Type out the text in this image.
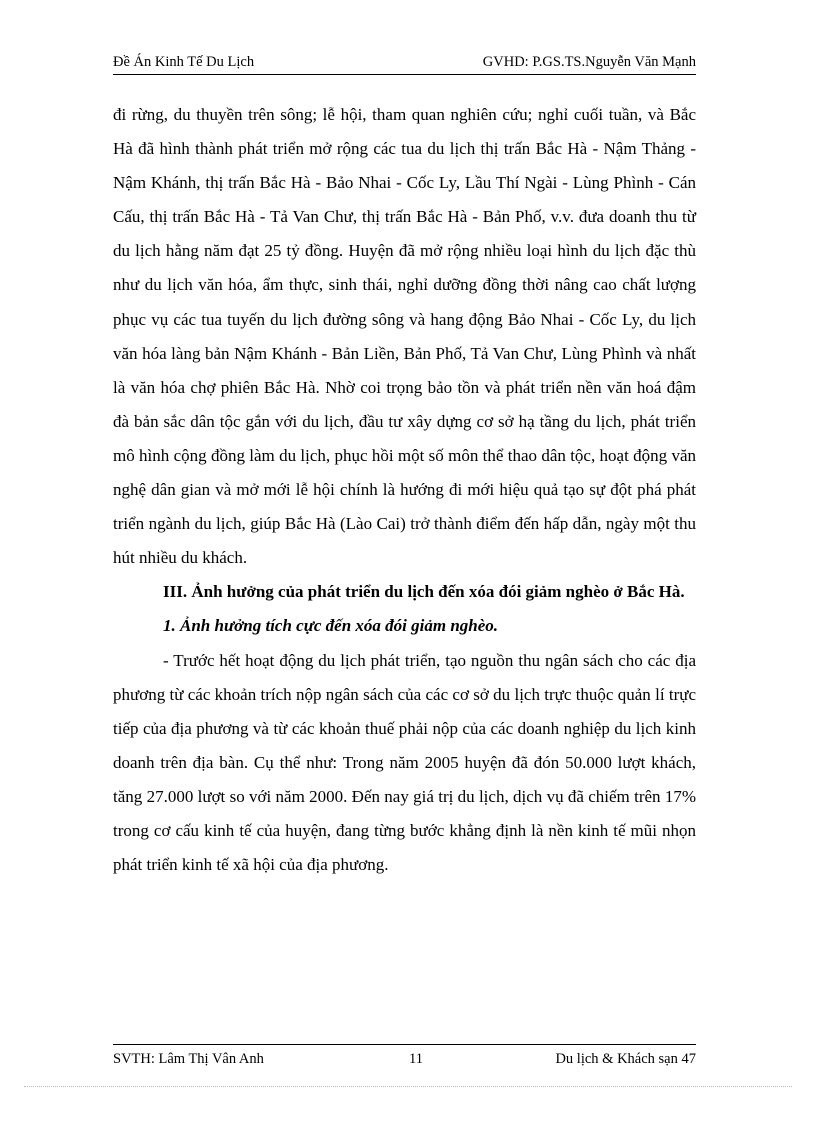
Đề Án Kinh Tế Du Lịch	GVHD: P.GS.TS.Nguyễn Văn Mạnh

đi rừng, du thuyền trên sông; lễ hội, tham quan nghiên cứu; nghỉ cuối tuần, và Bắc Hà đã hình thành phát triển mở rộng các tua du lịch thị trấn Bắc Hà - Nậm Thảng - Nậm Khánh, thị trấn Bắc Hà - Bảo Nhai - Cốc Ly, Lầu Thí Ngài - Lùng Phình - Cán Cấu, thị trấn Bắc Hà - Tả Van Chư, thị trấn Bắc Hà - Bản Phố, v.v. đưa doanh thu từ du lịch hằng năm đạt 25 tỷ đồng. Huyện đã mở rộng nhiều loại hình du lịch đặc thù như du lịch văn hóa, ẩm thực, sinh thái, nghỉ dưỡng đồng thời nâng cao chất lượng phục vụ các tua tuyến du lịch đường sông và hang động Bảo Nhai - Cốc Ly, du lịch văn hóa làng bản Nậm Khánh - Bản Liền, Bản Phố, Tả Van Chư, Lùng Phình và nhất là văn hóa chợ phiên Bắc Hà. Nhờ coi trọng bảo tồn và phát triển nền văn hoá đậm đà bản sắc dân tộc gắn với du lịch, đầu tư xây dựng cơ sở hạ tầng du lịch, phát triển mô hình cộng đồng làm du lịch, phục hồi một số môn thể thao dân tộc, hoạt động văn nghệ dân gian và mở mới lễ hội chính là hướng đi mới hiệu quả tạo sự đột phá phát triển ngành du lịch, giúp Bắc Hà (Lào Cai) trở thành điểm đến hấp dẫn, ngày một thu hút nhiều du khách.

III. Ảnh hưởng của phát triển du lịch đến xóa đói giảm nghèo ở Bắc Hà.
1. Ảnh hưởng tích cực đến xóa đói giảm nghèo.

- Trước hết hoạt động du lịch phát triển, tạo nguồn thu ngân sách cho các địa phương từ các khoản trích nộp ngân sách của các cơ sở du lịch trực thuộc quản lí trực tiếp của địa phương và từ các khoản thuế phải nộp của các doanh nghiệp du lịch kinh doanh trên địa bàn. Cụ thể như: Trong năm 2005 huyện đã đón 50.000 lượt khách, tăng 27.000 lượt so với năm 2000. Đến nay giá trị du lịch, dịch vụ đã chiếm trên 17% trong cơ cấu kinh tế của huyện, đang từng bước khẳng định là nền kinh tế mũi nhọn phát triển kinh tế xã hội của địa phương.

SVTH: Lâm Thị Vân Anh	11	Du lịch & Khách sạn 47
